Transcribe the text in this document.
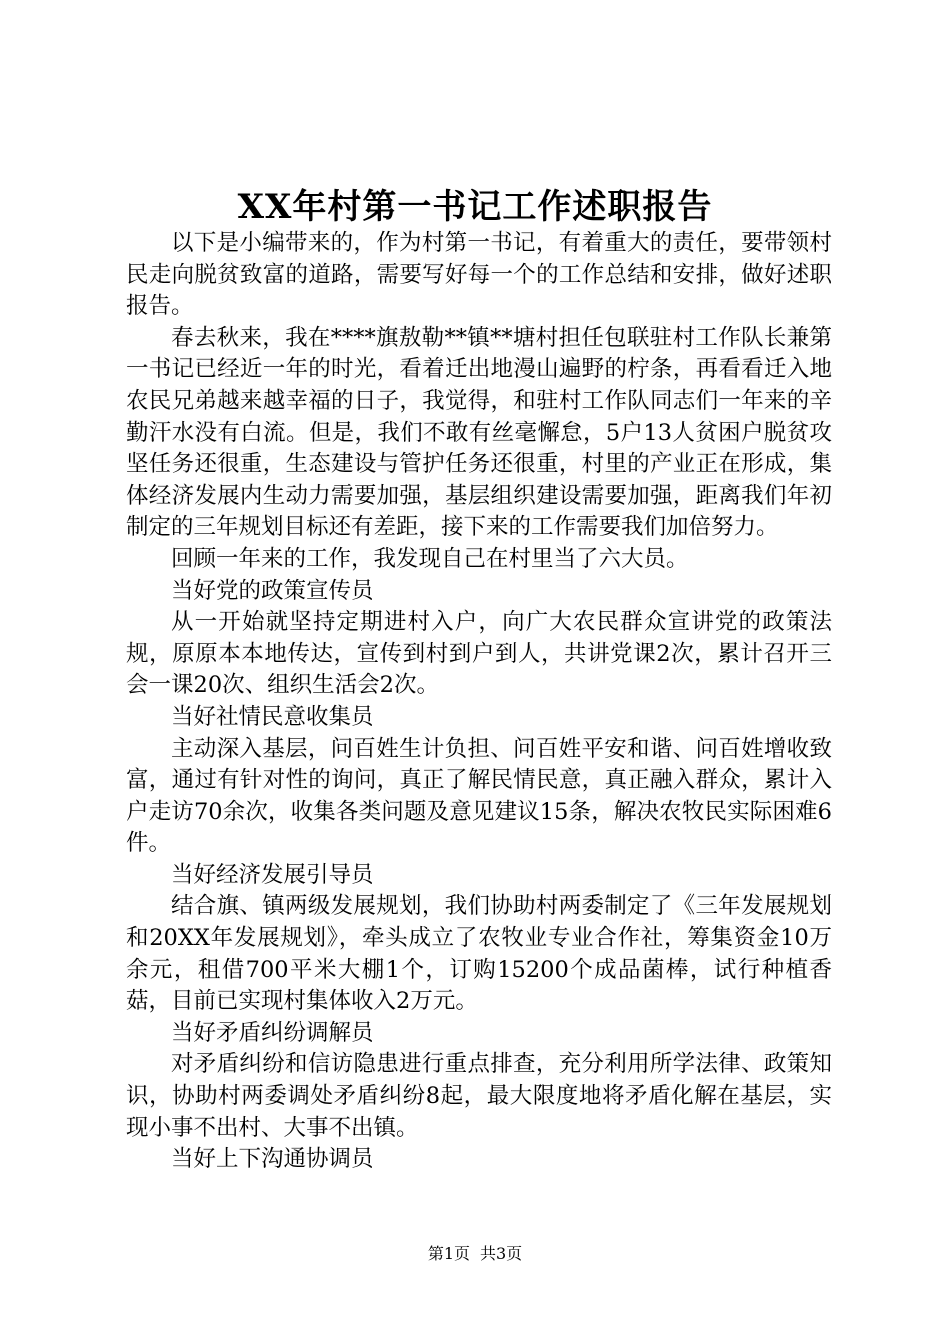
XX年村第一书记工作述职报告

以下是小编带来的，作为村第一书记，有着重大的责任，要带领村民走向脱贫致富的道路，需要写好每一个的工作总结和安排，做好述职报告。

春去秋来，我在****旗敖勒**镇**塘村担任包联驻村工作队长兼第一书记已经近一年的时光，看着迁出地漫山遍野的柠条，再看看迁入地农民兄弟越来越幸福的日子，我觉得，和驻村工作队同志们一年来的辛勤汗水没有白流。但是，我们不敢有丝毫懈怠，5户13人贫困户脱贫攻坚任务还很重，生态建设与管护任务还很重，村里的产业正在形成，集体经济发展内生动力需要加强，基层组织建设需要加强，距离我们年初制定的三年规划目标还有差距，接下来的工作需要我们加倍努力。

回顾一年来的工作，我发现自己在村里当了六大员。

当好党的政策宣传员

从一开始就坚持定期进村入户，向广大农民群众宣讲党的政策法规，原原本本地传达，宣传到村到户到人，共讲党课2次，累计召开三会一课20次、组织生活会2次。

当好社情民意收集员

主动深入基层，问百姓生计负担、问百姓平安和谐、问百姓增收致富，通过有针对性的询问，真正了解民情民意，真正融入群众，累计入户走访70余次，收集各类问题及意见建议15条，解决农牧民实际困难6件。

当好经济发展引导员

结合旗、镇两级发展规划，我们协助村两委制定了《三年发展规划和20XX年发展规划》，牵头成立了农牧业专业合作社，筹集资金10万余元，租借700平米大棚1个，订购15200个成品菌棒，试行种植香菇，目前已实现村集体收入2万元。

当好矛盾纠纷调解员

对矛盾纠纷和信访隐患进行重点排查，充分利用所学法律、政策知识，协助村两委调处矛盾纠纷8起，最大限度地将矛盾化解在基层，实现小事不出村、大事不出镇。

当好上下沟通协调员

第1页 共3页
